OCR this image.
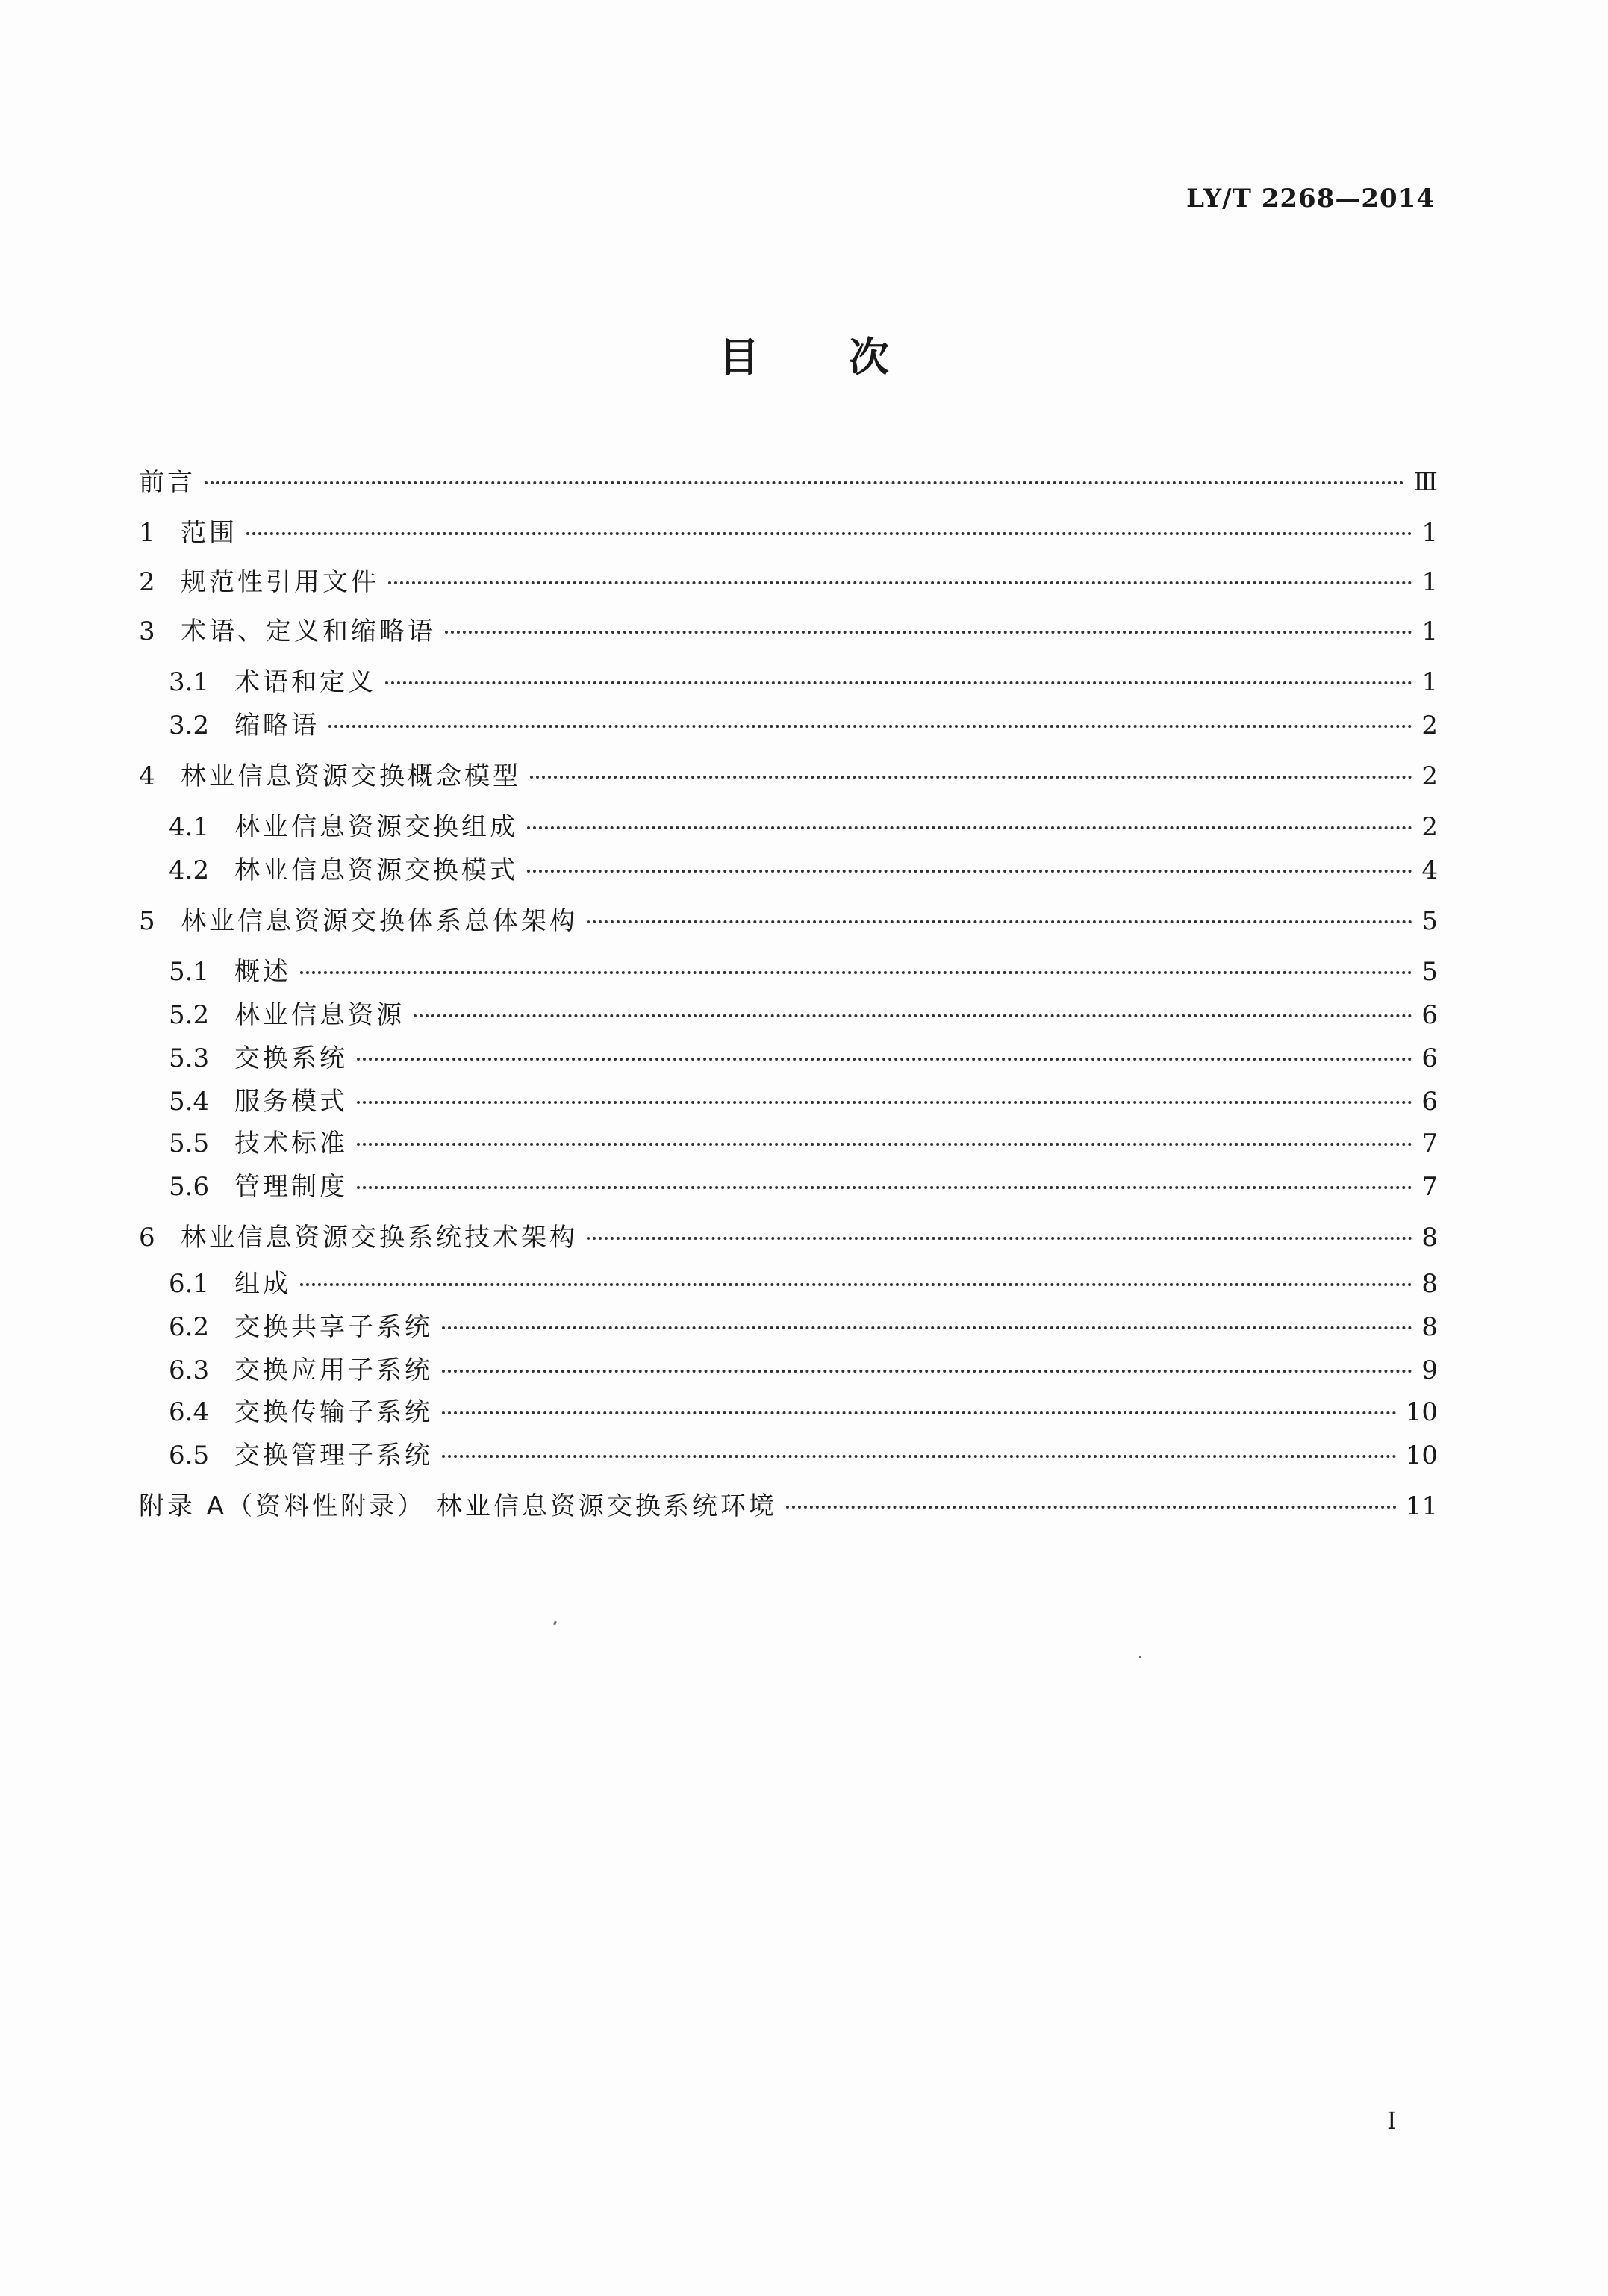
LY/T 2268—2014
目 次
前言	Ⅲ
1	范围	1
2	规范性引用文件	1
3	术语、定义和缩略语	1
3.1 术语和定义	1
3.2 缩略语	2
4	林业信息资源交换概念模型	2
4.1 林业信息资源交换组成	2
4.2 林业信息资源交换模式	4
5	林业信息资源交换体系总体架构	5
5.1 概述	5
5.2 林业信息资源	6
5.3 交换系统	6
5.4 服务模式	6
5.5 技术标准	7
5.6 管理制度	7
6	林业信息资源交换系统技术架构	8
6.1 组成	8
6.2 交换共享子系统	8
6.3 交换应用子系统	9
6.4 交换传输子系统	10
6.5 交换管理子系统	10
附录 A（资料性附录） 林业信息资源交换系统环境	11
I
